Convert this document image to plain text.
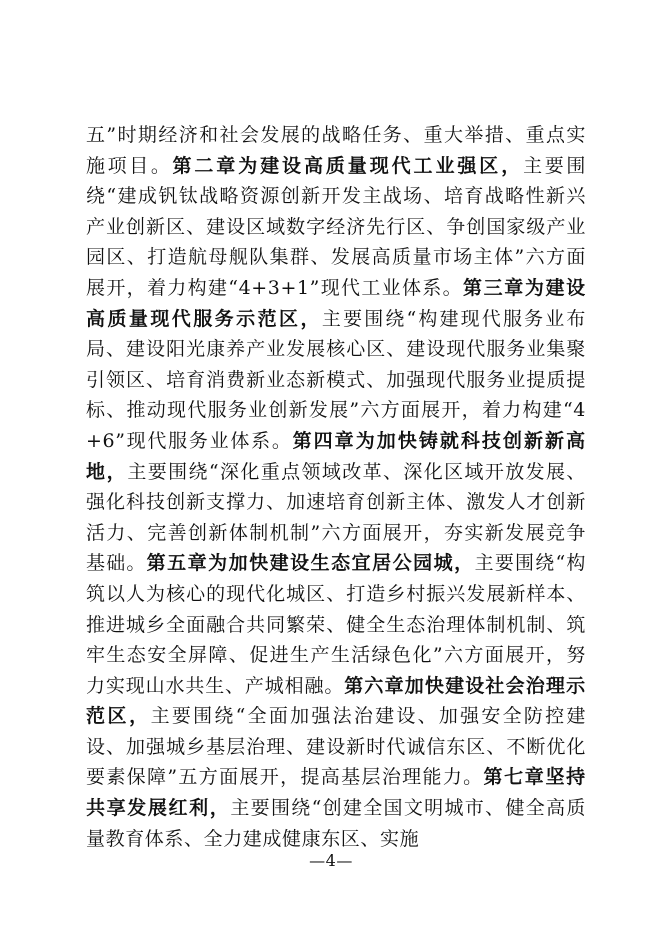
五”时期经济和社会发展的战略任务、重大举措、重点实施项目。第二章为建设高质量现代工业强区，主要围绕“建成钒钛战略资源创新开发主战场、培育战略性新兴产业创新区、建设区域数字经济先行区、争创国家级产业园区、打造航母舰队集群、发展高质量市场主体”六方面展开，着力构建“4+3+1”现代工业体系。第三章为建设高质量现代服务示范区，主要围绕“构建现代服务业布局、建设阳光康养产业发展核心区、建设现代服务业集聚引领区、培育消费新业态新模式、加强现代服务业提质提标、推动现代服务业创新发展”六方面展开，着力构建“4+6”现代服务业体系。第四章为加快铸就科技创新新高地，主要围绕“深化重点领域改革、深化区域开放发展、强化科技创新支撑力、加速培育创新主体、激发人才创新活力、完善创新体制机制”六方面展开，夯实新发展竞争基础。第五章为加快建设生态宜居公园城，主要围绕“构筑以人为核心的现代化城区、打造乡村振兴发展新样本、推进城乡全面融合共同繁荣、健全生态治理体制机制、筑牢生态安全屏障、促进生产生活绿色化”六方面展开，努力实现山水共生、产城相融。第六章加快建设社会治理示范区，主要围绕“全面加强法治建设、加强安全防控建设、加强城乡基层治理、建设新时代诚信东区、不断优化要素保障”五方面展开，提高基层治理能力。第七章坚持共享发展红利，主要围绕“创建全国文明城市、健全高质量教育体系、全力建成健康东区、实施

—4—
